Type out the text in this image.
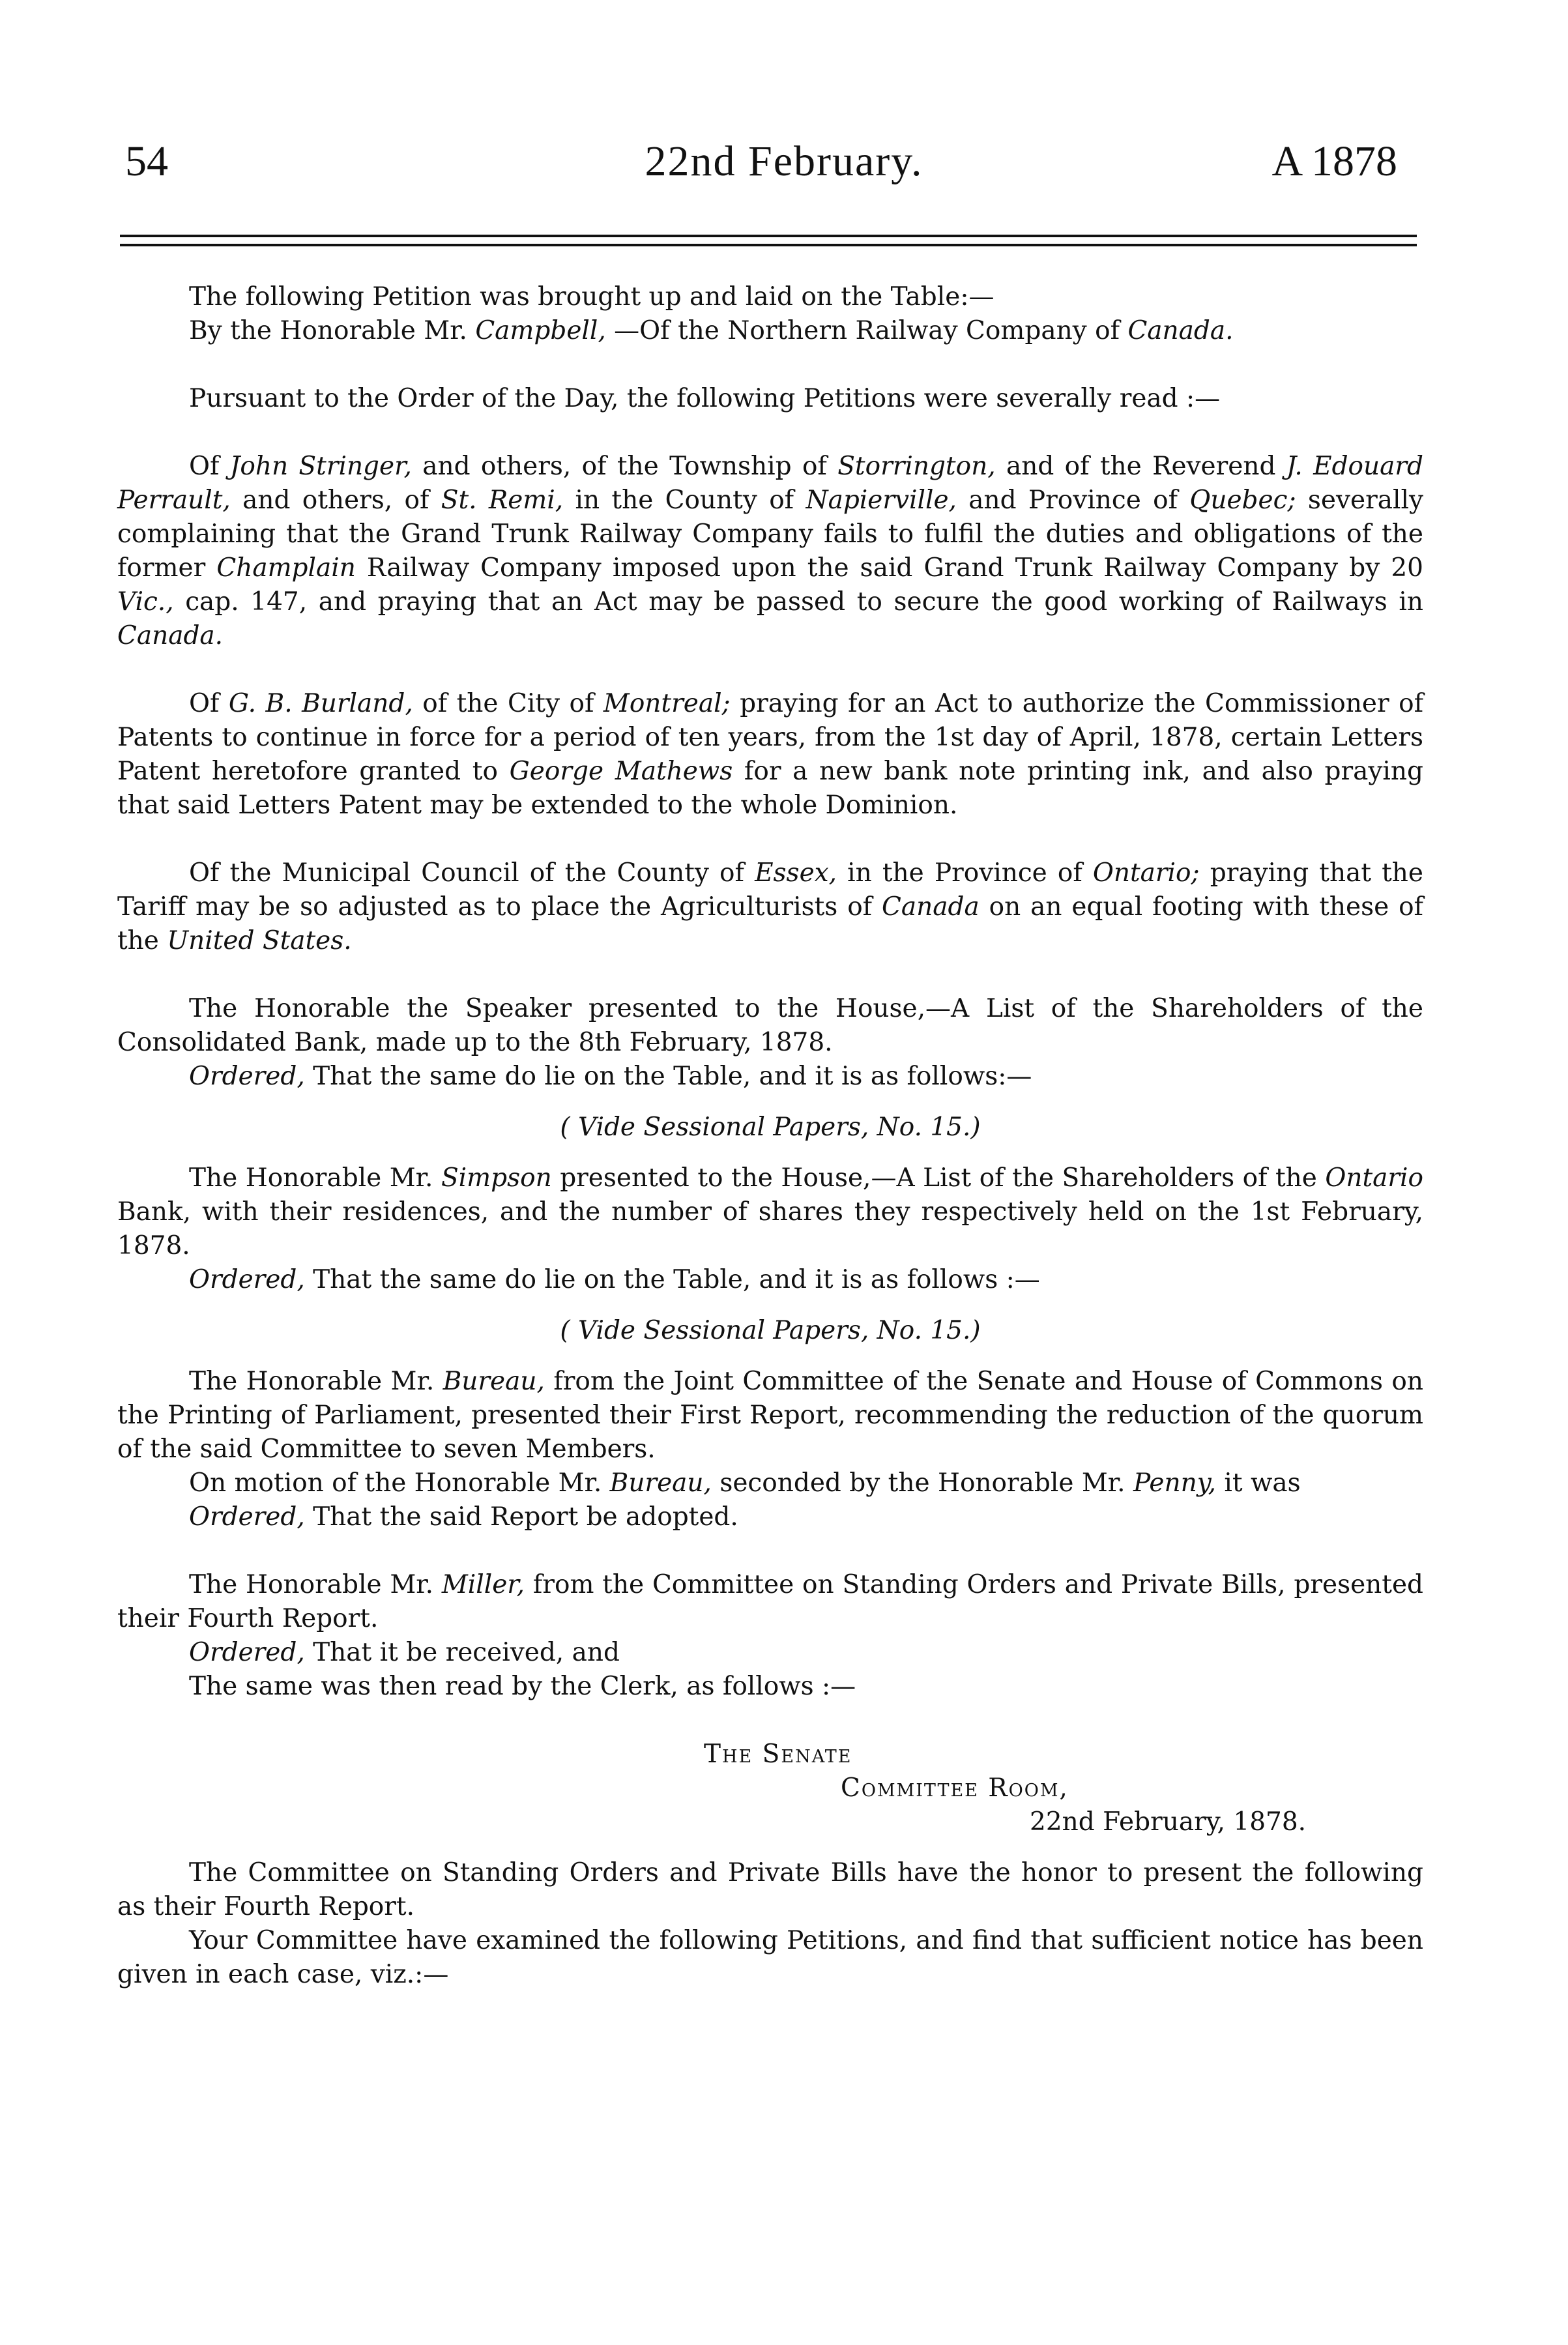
54	22nd February.	A 1878

The following Petition was brought up and laid on the Table:—

By the Honorable Mr. Campbell, —Of the Northern Railway Company of Canada.

Pursuant to the Order of the Day, the following Petitions were severally read :—

Of John Stringer, and others, of the Township of Storrington, and of the Reverend J. Edouard Perrault, and others, of St. Remi, in the County of Napierville, and Province of Quebec; severally complaining that the Grand Trunk Railway Company fails to fulfil the duties and obligations of the former Champlain Railway Company imposed upon the said Grand Trunk Railway Company by 20 Vic., cap. 147, and praying that an Act may be passed to secure the good working of Railways in Canada.

Of G. B. Burland, of the City of Montreal; praying for an Act to authorize the Commissioner of Patents to continue in force for a period of ten years, from the 1st day of April, 1878, certain Letters Patent heretofore granted to George Mathews for a new bank note printing ink, and also praying that said Letters Patent may be extended to the whole Dominion.

Of the Municipal Council of the County of Essex, in the Province of Ontario; praying that the Tariff may be so adjusted as to place the Agriculturists of Canada on an equal footing with these of the United States.

The Honorable the Speaker presented to the House,—A List of the Shareholders of the Consolidated Bank, made up to the 8th February, 1878.

Ordered, That the same do lie on the Table, and it is as follows:—

( Vide Sessional Papers, No. 15.)

The Honorable Mr. Simpson presented to the House,—A List of the Shareholders of the Ontario Bank, with their residences, and the number of shares they respectively held on the 1st February, 1878.

Ordered, That the same do lie on the Table, and it is as follows :—

( Vide Sessional Papers, No. 15.)

The Honorable Mr. Bureau, from the Joint Committee of the Senate and House of Commons on the Printing of Parliament, presented their First Report, recommending the reduction of the quorum of the said Committee to seven Members.

On motion of the Honorable Mr. Bureau, seconded by the Honorable Mr. Penny, it was

Ordered, That the said Report be adopted.

The Honorable Mr. Miller, from the Committee on Standing Orders and Private Bills, presented their Fourth Report.

Ordered, That it be received, and

The same was then read by the Clerk, as follows :—

The Senate

Committee Room,

22nd February, 1878.

The Committee on Standing Orders and Private Bills have the honor to present the following as their Fourth Report.

Your Committee have examined the following Petitions, and find that sufficient notice has been given in each case, viz.:—
